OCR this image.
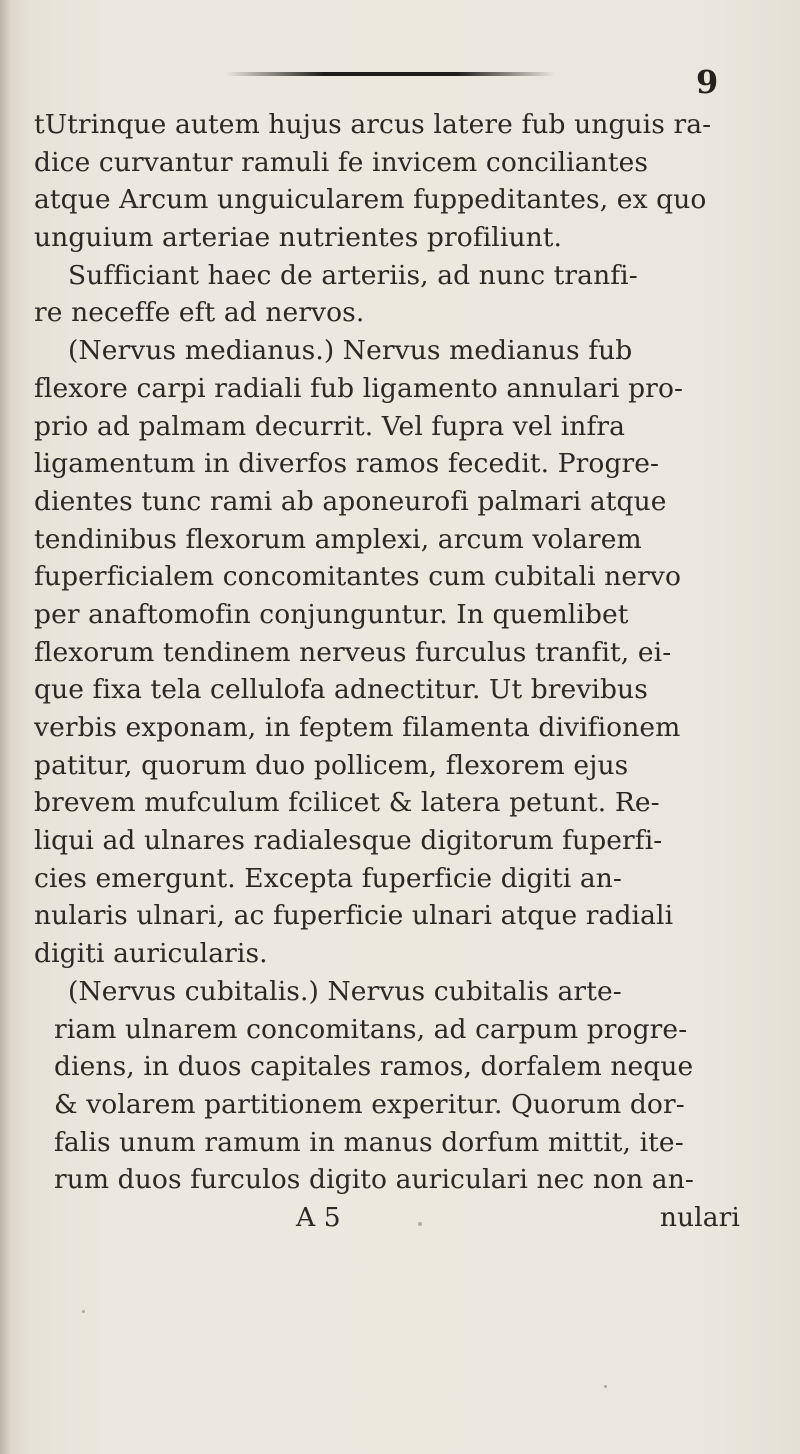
9
tUtrinque autem hujus arcus latere fub unguis ra-
dice curvantur ramuli fe invicem conciliantes
atque Arcum unguicularem fuppeditantes, ex quo
unguium arteriae nutrientes profiliunt.
Sufficiant haec de arteriis, ad nunc tranfi-
re neceffe eft ad nervos.
(Nervus medianus.) Nervus medianus fub
flexore carpi radiali fub ligamento annulari pro-
prio ad palmam decurrit. Vel fupra vel infra
ligamentum in diverfos ramos fecedit. Progre-
dientes tunc rami ab aponeurofi palmari atque
tendinibus flexorum amplexi, arcum volarem
fuperficialem concomitantes cum cubitali nervo
per anaftomofin conjunguntur. In quemlibet
flexorum tendinem nerveus furculus tranfit, ei-
que fixa tela cellulofa adnectitur. Ut brevibus
verbis exponam, in feptem filamenta divifionem
patitur, quorum duo pollicem, flexorem ejus
brevem mufculum fcilicet & latera petunt. Re-
liqui ad ulnares radialesque digitorum fuperfi-
cies emergunt. Excepta fuperficie digiti an-
nularis ulnari, ac fuperficie ulnari atque radiali
digiti auricularis.
(Nervus cubitalis.) Nervus cubitalis arte-
riam ulnarem concomitans, ad carpum progre-
diens, in duos capitales ramos, dorfalem neque
& volarem partitionem experitur. Quorum dor-
falis unum ramum in manus dorfum mittit, ite-
rum duos furculos digito auriculari nec non an-
A 5	nulari
